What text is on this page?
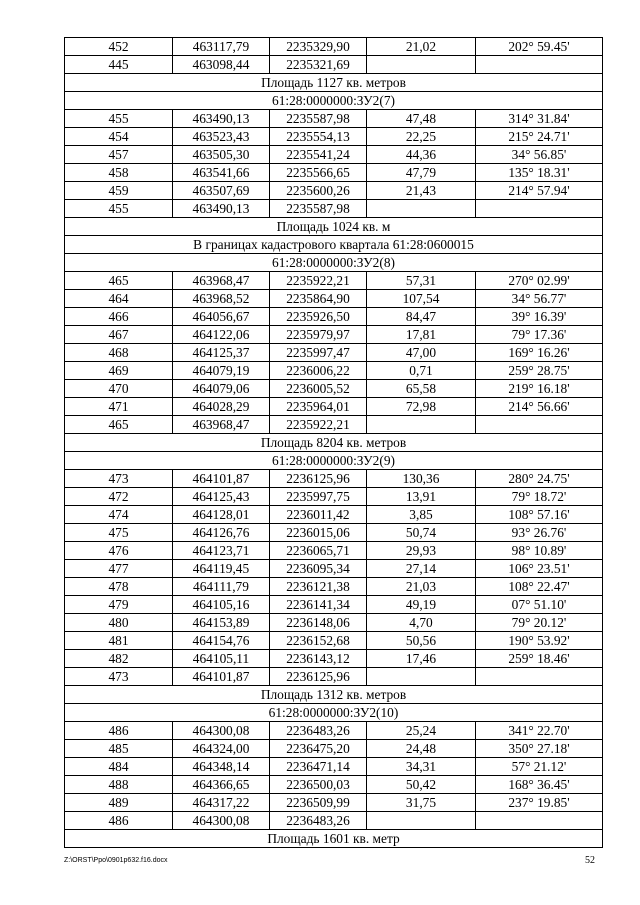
452	463117,79	2235329,90	21,02	202° 59.45'
445	463098,44	2235321,69		
Площадь 1127 кв. метров				
61:28:0000000:ЗУ2(7)				
455	463490,13	2235587,98	47,48	314° 31.84'
454	463523,43	2235554,13	22,25	215° 24.71'
457	463505,30	2235541,24	44,36	34° 56.85'
458	463541,66	2235566,65	47,79	135° 18.31'
459	463507,69	2235600,26	21,43	214° 57.94'
455	463490,13	2235587,98		
Площадь 1024 кв. м				
В границах кадастрового квартала 61:28:0600015				
61:28:0000000:ЗУ2(8)				
465	463968,47	2235922,21	57,31	270° 02.99'
464	463968,52	2235864,90	107,54	34° 56.77'
466	464056,67	2235926,50	84,47	39° 16.39'
467	464122,06	2235979,97	17,81	79° 17.36'
468	464125,37	2235997,47	47,00	169° 16.26'
469	464079,19	2236006,22	0,71	259° 28.75'
470	464079,06	2236005,52	65,58	219° 16.18'
471	464028,29	2235964,01	72,98	214° 56.66'
465	463968,47	2235922,21		
Площадь 8204 кв. метров				
61:28:0000000:ЗУ2(9)				
473	464101,87	2236125,96	130,36	280° 24.75'
472	464125,43	2235997,75	13,91	79° 18.72'
474	464128,01	2236011,42	3,85	108° 57.16'
475	464126,76	2236015,06	50,74	93° 26.76'
476	464123,71	2236065,71	29,93	98° 10.89'
477	464119,45	2236095,34	27,14	106° 23.51'
478	464111,79	2236121,38	21,03	108° 22.47'
479	464105,16	2236141,34	49,19	07° 51.10'
480	464153,89	2236148,06	4,70	79° 20.12'
481	464154,76	2236152,68	50,56	190° 53.92'
482	464105,11	2236143,12	17,46	259° 18.46'
473	464101,87	2236125,96		
Площадь 1312 кв. метров				
61:28:0000000:ЗУ2(10)				
486	464300,08	2236483,26	25,24	341° 22.70'
485	464324,00	2236475,20	24,48	350° 27.18'
484	464348,14	2236471,14	34,31	57° 21.12'
488	464366,65	2236500,03	50,42	168° 36.45'
489	464317,22	2236509,99	31,75	237° 19.85'
486	464300,08	2236483,26		
Площадь 1601 кв. метр				
Z:\ORST\Ppo\0901p632.f16.docx	52
